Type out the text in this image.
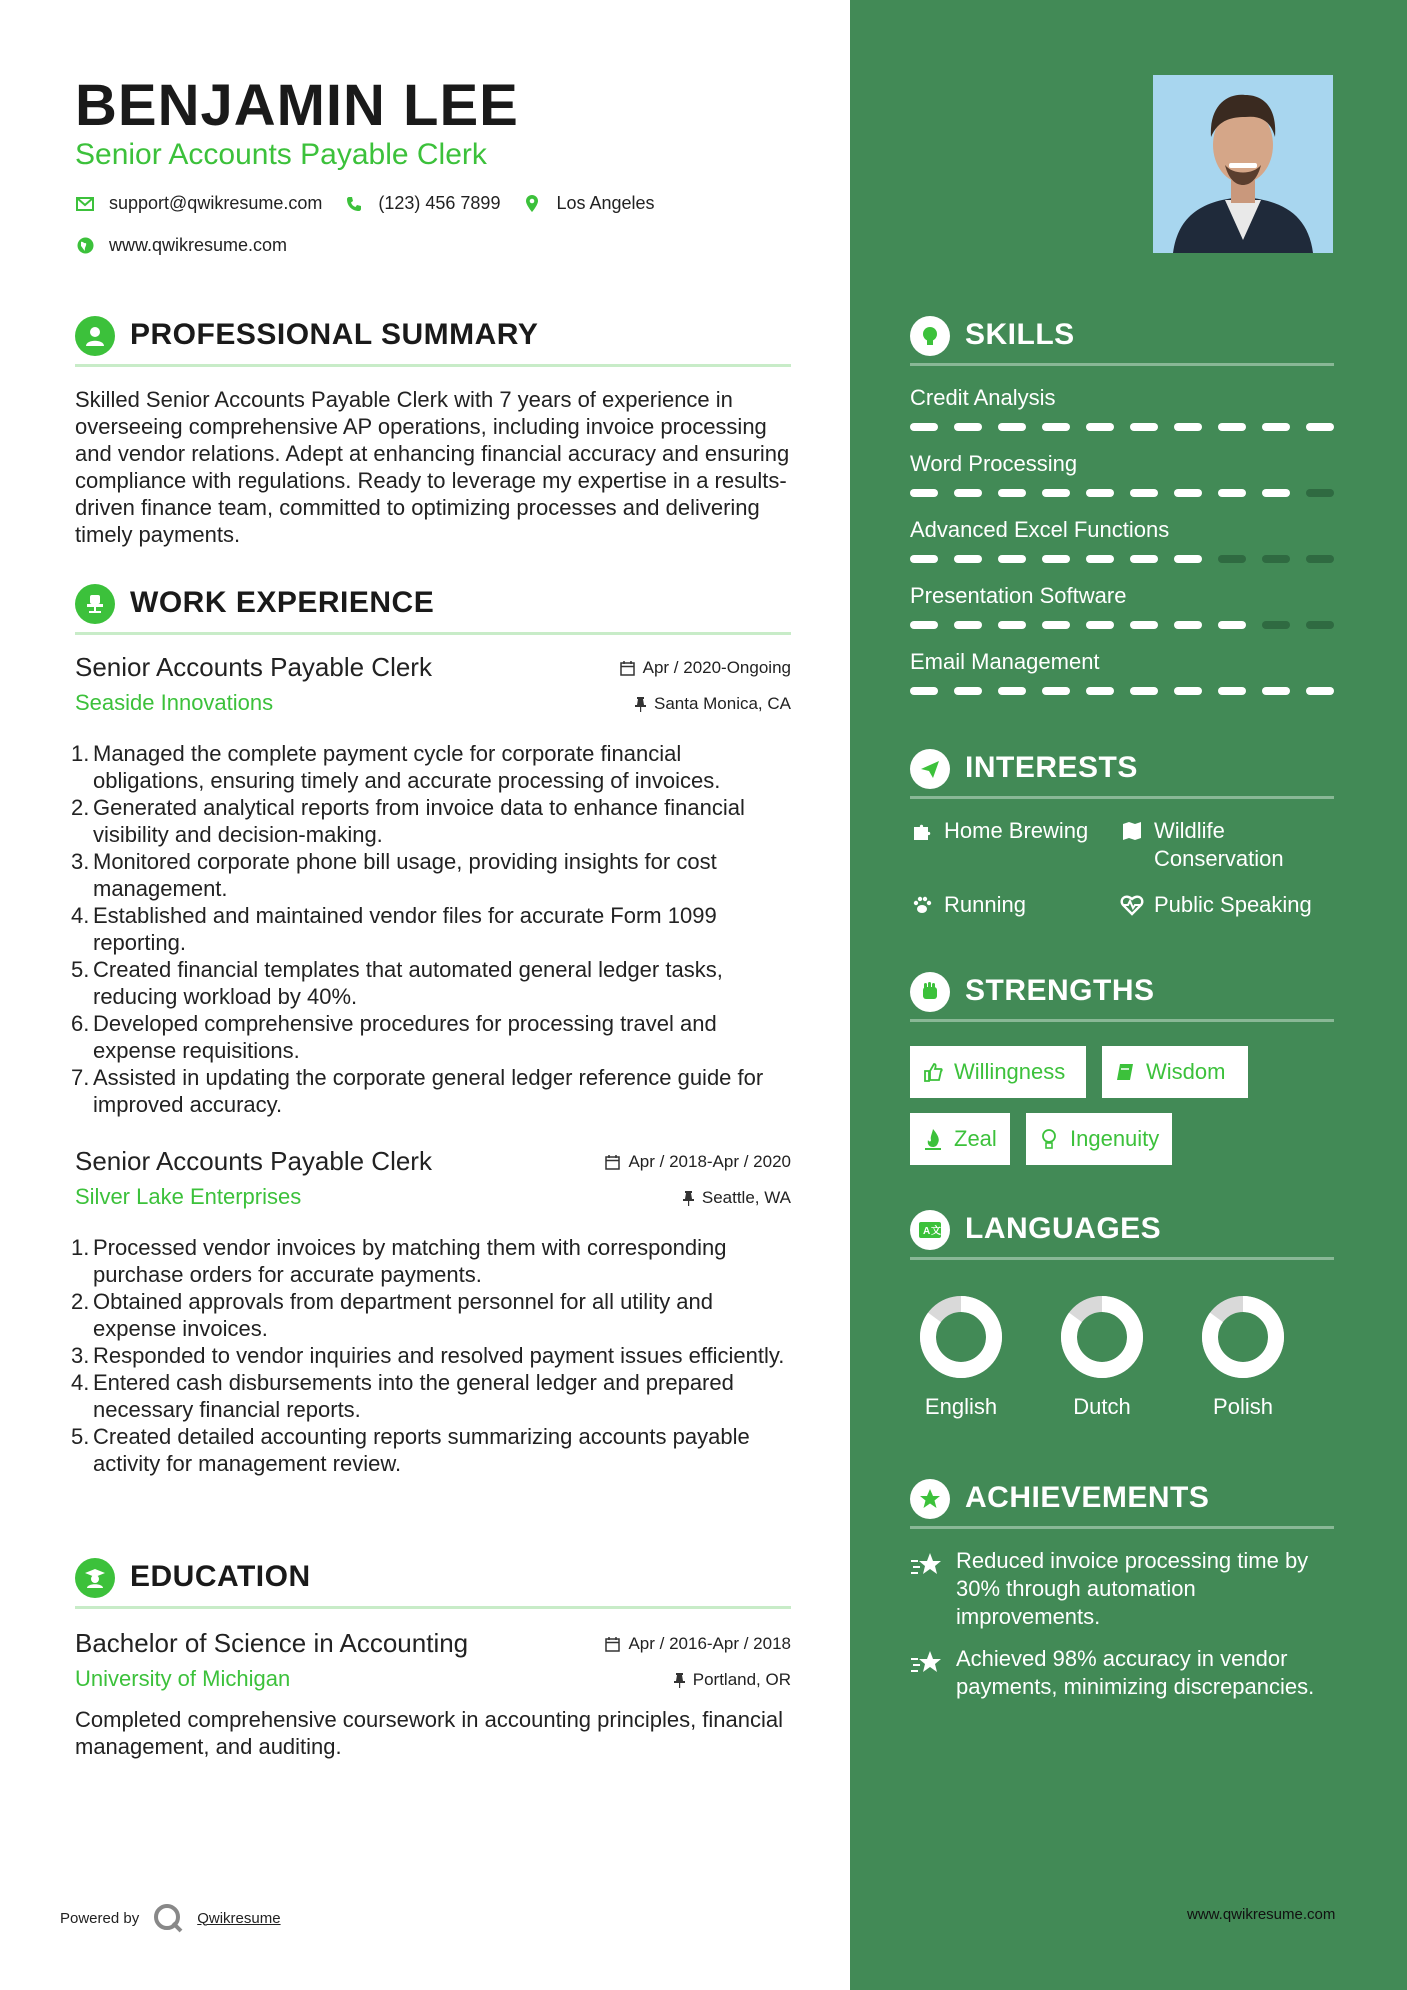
BENJAMIN LEE
Senior Accounts Payable Clerk
support@qwikresume.com	(123) 456 7899	Los Angeles
www.qwikresume.com
PROFESSIONAL SUMMARY
Skilled Senior Accounts Payable Clerk with 7 years of experience in overseeing comprehensive AP operations, including invoice processing and vendor relations. Adept at enhancing financial accuracy and ensuring compliance with regulations. Ready to leverage my expertise in a results-driven finance team, committed to optimizing processes and delivering timely payments.
WORK EXPERIENCE
Senior Accounts Payable Clerk	Apr / 2020-Ongoing
Seaside Innovations	Santa Monica, CA
1. Managed the complete payment cycle for corporate financial obligations, ensuring timely and accurate processing of invoices.
2. Generated analytical reports from invoice data to enhance financial visibility and decision-making.
3. Monitored corporate phone bill usage, providing insights for cost management.
4. Established and maintained vendor files for accurate Form 1099 reporting.
5. Created financial templates that automated general ledger tasks, reducing workload by 40%.
6. Developed comprehensive procedures for processing travel and expense requisitions.
7. Assisted in updating the corporate general ledger reference guide for improved accuracy.
Senior Accounts Payable Clerk	Apr / 2018-Apr / 2020
Silver Lake Enterprises	Seattle, WA
1. Processed vendor invoices by matching them with corresponding purchase orders for accurate payments.
2. Obtained approvals from department personnel for all utility and expense invoices.
3. Responded to vendor inquiries and resolved payment issues efficiently.
4. Entered cash disbursements into the general ledger and prepared necessary financial reports.
5. Created detailed accounting reports summarizing accounts payable activity for management review.
EDUCATION
Bachelor of Science in Accounting	Apr / 2016-Apr / 2018
University of Michigan	Portland, OR
Completed comprehensive coursework in accounting principles, financial management, and auditing.
Powered by	Qwikresume
SKILLS
Credit Analysis
Word Processing
Advanced Excel Functions
Presentation Software
Email Management
INTERESTS
Home Brewing	Wildlife Conservation
Running	Public Speaking
STRENGTHS
Willingness	Wisdom
Zeal	Ingenuity
A 文 LANGUAGES
English	Dutch	Polish
ACHIEVEMENTS
Reduced invoice processing time by 30% through automation improvements.
Achieved 98% accuracy in vendor payments, minimizing discrepancies.
www.qwikresume.com
